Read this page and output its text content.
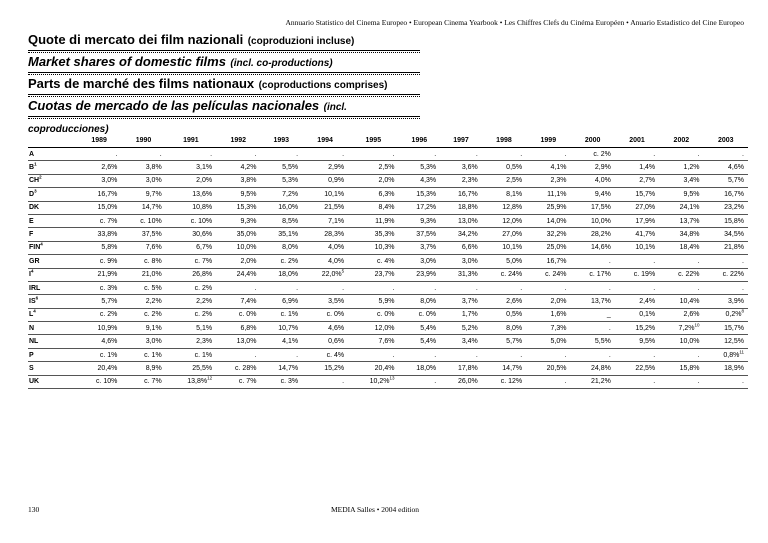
Annuario Statistico del Cinema Europeo • European Cinema Yearbook • Les Chiffres Clefs du Cinéma Européen • Anuario Estadistico del Cine Europeo
Quote di mercato dei film nazionali (coproduzioni incluse)
Market shares of domestic films (incl. co-productions)
Parts de marché des films nationaux (coproductions comprises)
Cuotas de mercado de las películas nacionales (incl. coproducciones)
	1989	1990	1991	1992	1993	1994	1995	1996	1997	1998	1999	2000	2001	2002	2003
A	.	.	.	.	.	.	.	.	.	.	.	c. 2%	.	.	.
$B^1$	2,6%	3,8%	3,1%	4,2%	5,5%	2,9%	2,5%	5,3%	3,6%	0,5%	4,1%	2,9%	1,4%	1,2%	4,6%
$CH^2$	3,0%	3,0%	2,0%	3,8%	5,3%	0,9%	2,0%	4,3%	2,3%	2,5%	2,3%	4,0%	2,7%	3,4%	5,7%
$D^3$	16,7%	9,7%	13,6%	9,5%	7,2%	10,1%	6,3%	15,3%	16,7%	8,1%	11,1%	9,4%	15,7%	9,5%	16,7%
DK	15,0%	14,7%	10,8%	15,3%	16,0%	21,5%	8,4%	17,2%	18,8%	12,8%	25,9%	17,5%	27,0%	24,1%	23,2%
E	c. 7%	c. 10%	c. 10%	9,3%	8,5%	7,1%	11,9%	9,3%	13,0%	12,0%	14,0%	10,0%	17,9%	13,7%	15,8%
F	33,8%	37,5%	30,6%	35,0%	35,1%	28,3%	35,3%	37,5%	34,2%	27,0%	32,2%	28,2%	41,7%	34,8%	34,5%
FIN$^4$	5,8%	7,6%	6,7%	10,0%	8,0%	4,0%	10,3%	3,7%	6,6%	10,1%	25,0%	14,6%	10,1%	18,4%	21,8%
GR	c. 9%	c. 8%	c. 7%	2,0%	c. 2%	4,0%	c. 4%	3,0%	3,0%	5,0%	16,7%	.	.	.	.
$I^4$	21,9%	21,0%	26,8%	24,4%	18,0%	22,0%$^5$	23,7%	23,9%	31,3%	c. 24%	c. 24%	c. 17%	c. 19%	c. 22%	c. 22%
IRL	c. 3%	c. 5%	c. 2%	.	.	.	.	.	.	.	.	.	.	.	.
$IS^6$	5,7%	2,2%	2,2%	7,4%	6,9%	3,5%	5,9%	8,0%	3,7%	2,6%	2,0%	13,7%	2,4%	10,4%	3,9%
$L^4$	c. 2%	c. 2%	c. 2%	c. 0%	c. 1%	c. 0%	c. 0%	c. 0%	1,7%	0,5%	1,6%	_	0,1%	2,6%	0,2%$^8$
N	10,9%	9,1%	5,1%	6,8%	10,7%	4,6%	12,0%	5,4%	5,2%	8,0%	7,3%	.	15,2%	7,2%$^{10}$	15,7%
NL	4,6%	3,0%	2,3%	13,0%	4,1%	0,6%	7,6%	5,4%	3,4%	5,7%	5,0%	5,5%	9,5%	10,0%	12,5%
P	c. 1%	c. 1%	c. 1%	.	.	c. 4%	.	.	.	.	.	.	.	.	0,8%$^{11}$
S	20,4%	8,9%	25,5%	c. 28%	14,7%	15,2%	20,4%	18,0%	17,8%	14,7%	20,5%	24,8%	22,5%	15,8%	18,9%
UK	c. 10%	c. 7%	13,8%$^{12}$	c. 7%	c. 3%	.	10,2%$^{13}$	.	26,0%	c. 12%	.	21,2%	.	.	.
130	MEDIA Salles • 2004 edition
